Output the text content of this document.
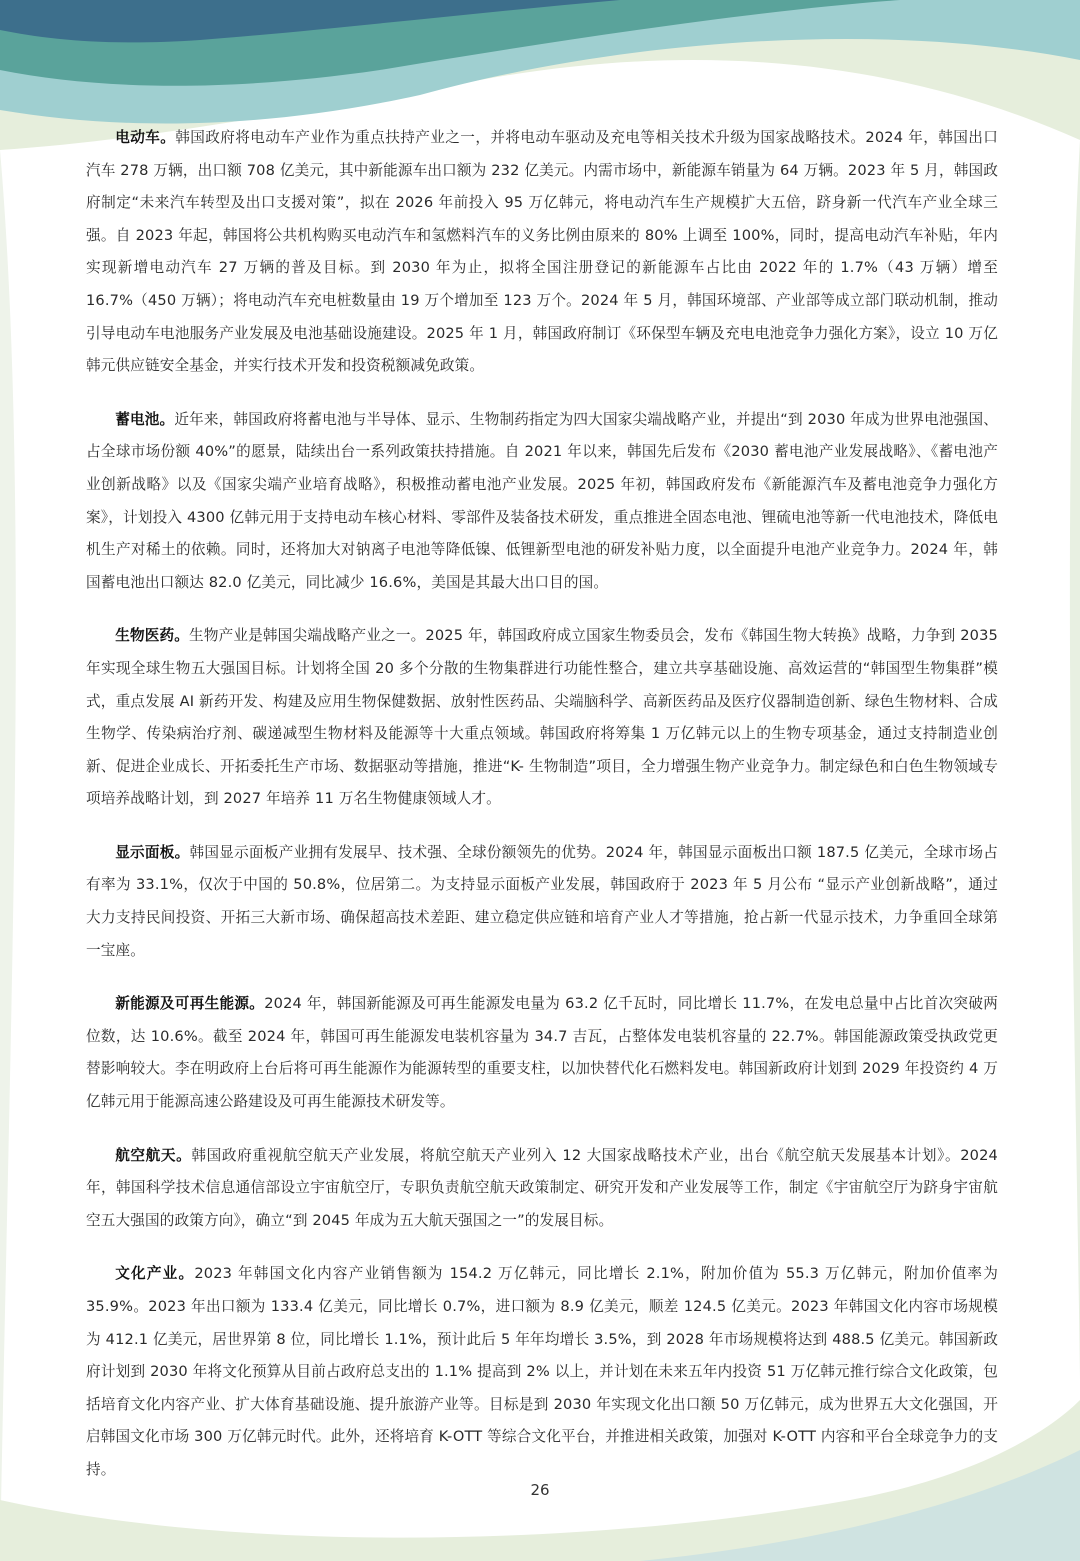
电动车。韩国政府将电动车产业作为重点扶持产业之一，并将电动车驱动及充电等相关技术升级为国家战略技术。2024 年，韩国出口汽车 278 万辆，出口额 708 亿美元，其中新能源车出口额为 232 亿美元。内需市场中，新能源车销量为 64 万辆。2023 年 5 月，韩国政府制定“未来汽车转型及出口支援对策”，拟在 2026 年前投入 95 万亿韩元，将电动汽车生产规模扩大五倍，跻身新一代汽车产业全球三强。自 2023 年起，韩国将公共机构购买电动汽车和氢燃料汽车的义务比例由原来的 80% 上调至 100%，同时，提高电动汽车补贴，年内实现新增电动汽车 27 万辆的普及目标。到 2030 年为止，拟将全国注册登记的新能源车占比由 2022 年的 1.7%（43 万辆）增至 16.7%（450 万辆）；将电动汽车充电桩数量由 19 万个增加至 123 万个。2024 年 5 月，韩国环境部、产业部等成立部门联动机制，推动引导电动车电池服务产业发展及电池基础设施建设。2025 年 1 月，韩国政府制订《环保型车辆及充电电池竞争力强化方案》，设立 10 万亿韩元供应链安全基金，并实行技术开发和投资税额减免政策。

蓄电池。近年来，韩国政府将蓄电池与半导体、显示、生物制药指定为四大国家尖端战略产业，并提出“到 2030 年成为世界电池强国、占全球市场份额 40%”的愿景，陆续出台一系列政策扶持措施。自 2021 年以来，韩国先后发布《2030 蓄电池产业发展战略》、《蓄电池产业创新战略》以及《国家尖端产业培育战略》，积极推动蓄电池产业发展。2025 年初，韩国政府发布《新能源汽车及蓄电池竞争力强化方案》，计划投入 4300 亿韩元用于支持电动车核心材料、零部件及装备技术研发，重点推进全固态电池、锂硫电池等新一代电池技术，降低电机生产对稀土的依赖。同时，还将加大对钠离子电池等降低镍、低锂新型电池的研发补贴力度，以全面提升电池产业竞争力。2024 年，韩国蓄电池出口额达 82.0 亿美元，同比减少 16.6%，美国是其最大出口目的国。

生物医药。生物产业是韩国尖端战略产业之一。2025 年，韩国政府成立国家生物委员会，发布《韩国生物大转换》战略，力争到 2035 年实现全球生物五大强国目标。计划将全国 20 多个分散的生物集群进行功能性整合，建立共享基础设施、高效运营的“韩国型生物集群”模式，重点发展 AI 新药开发、构建及应用生物保健数据、放射性医药品、尖端脑科学、高新医药品及医疗仪器制造创新、绿色生物材料、合成生物学、传染病治疗剂、碳递减型生物材料及能源等十大重点领域。韩国政府将筹集 1 万亿韩元以上的生物专项基金，通过支持制造业创新、促进企业成长、开拓委托生产市场、数据驱动等措施，推进“K- 生物制造”项目，全力增强生物产业竞争力。制定绿色和白色生物领域专项培养战略计划，到 2027 年培养 11 万名生物健康领域人才。

显示面板。韩国显示面板产业拥有发展早、技术强、全球份额领先的优势。2024 年，韩国显示面板出口额 187.5 亿美元，全球市场占有率为 33.1%，仅次于中国的 50.8%，位居第二。为支持显示面板产业发展，韩国政府于 2023 年 5 月公布 “显示产业创新战略”，通过大力支持民间投资、开拓三大新市场、确保超高技术差距、建立稳定供应链和培育产业人才等措施，抢占新一代显示技术，力争重回全球第一宝座。

新能源及可再生能源。2024 年，韩国新能源及可再生能源发电量为 63.2 亿千瓦时，同比增长 11.7%，在发电总量中占比首次突破两位数，达 10.6%。截至 2024 年，韩国可再生能源发电装机容量为 34.7 吉瓦，占整体发电装机容量的 22.7%。韩国能源政策受执政党更替影响较大。李在明政府上台后将可再生能源作为能源转型的重要支柱，以加快替代化石燃料发电。韩国新政府计划到 2029 年投资约 4 万亿韩元用于能源高速公路建设及可再生能源技术研发等。

航空航天。韩国政府重视航空航天产业发展，将航空航天产业列入 12 大国家战略技术产业，出台《航空航天发展基本计划》。2024 年，韩国科学技术信息通信部设立宇宙航空厅，专职负责航空航天政策制定、研究开发和产业发展等工作，制定《宇宙航空厅为跻身宇宙航空五大强国的政策方向》，确立“到 2045 年成为五大航天强国之一”的发展目标。

文化产业。2023 年韩国文化内容产业销售额为 154.2 万亿韩元，同比增长 2.1%，附加价值为 55.3 万亿韩元，附加价值率为 35.9%。2023 年出口额为 133.4 亿美元，同比增长 0.7%，进口额为 8.9 亿美元，顺差 124.5 亿美元。2023 年韩国文化内容市场规模为 412.1 亿美元，居世界第 8 位，同比增长 1.1%，预计此后 5 年年均增长 3.5%，到 2028 年市场规模将达到 488.5 亿美元。韩国新政府计划到 2030 年将文化预算从目前占政府总支出的 1.1% 提高到 2% 以上，并计划在未来五年内投资 51 万亿韩元推行综合文化政策，包括培育文化内容产业、扩大体育基础设施、提升旅游产业等。目标是到 2030 年实现文化出口额 50 万亿韩元，成为世界五大文化强国，开启韩国文化市场 300 万亿韩元时代。此外，还将培育 K-OTT 等综合文化平台，并推进相关政策，加强对 K-OTT 内容和平台全球竞争力的支持。

26
